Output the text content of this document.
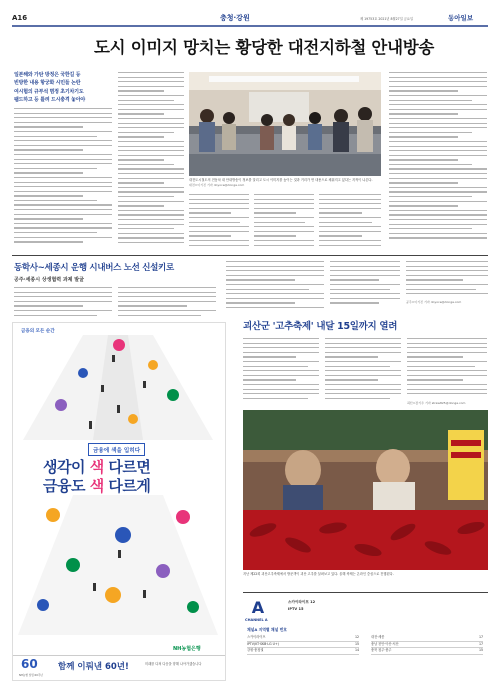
A16	충청·강원	제 19753호 2021년 8월27일 금요일	동아일보
도시 이미지 망치는 황당한 대전지하철 안내방송
일본해와 가탄 방정은 국한길 등
빈방한 내용 항궁화 시민들 논란
여시혐의 규부석 몀정 초기차기도
팸드하고 등 틀려 드시충격 놓아야
대전도시철도의 전동차 내 안내방송이 정보를 알리고 도시 이미지를 높이는 것과 거리가 먼 내용으로 채워지고 있다는 지적이 나온다.
대전=이기진 기자 doyoce@donga.com
동학사~세종시 운행 시내버스 노선 신설키로
공주·세종시 상생협력 과제 발굴
공주=이기진 기자 doyoce@donga.com
금융의 모든 순간
금융에 색을 입히다
생각이 색 다르면
금융도 색 다르게
NH농협은행
60
NH농협 창립 60주년
함께 이뤄낸 60년!	미래를 다져 다음을 향해 나아가겠습니다
괴산군 '고추축제' 내달 15일까지 열려
괴산=장기우 기자 straw825@donga.com
지난 제22회 괴산고추축제에서 방문객이 괴산 고추를 살펴보고 있다. 올해 축제는 온라인 중심으로 진행된다.
A
CHANNEL A
스카이라이프 12
IPTV 15
채널A 지역별 채널 번호
스카이라이프	12
IPTV(KT·SKB·LG U+)	15
강원·충청권	14
대전·세종	17
충남 천안·아산·서산	17
충북 청주·충주	15
